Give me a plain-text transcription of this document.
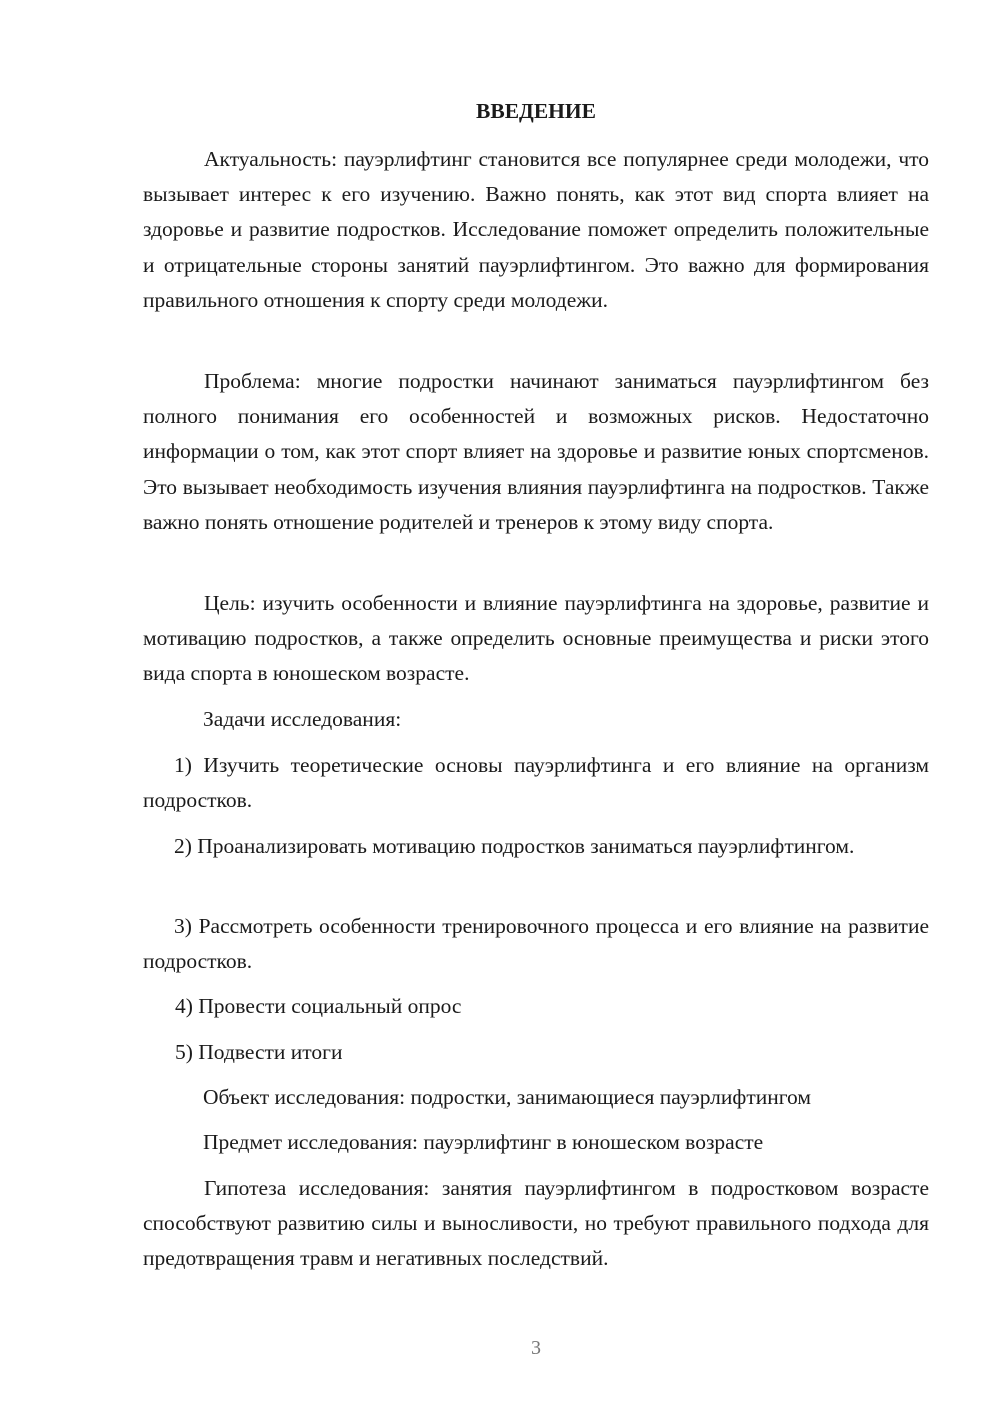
ВВЕДЕНИЕ

Актуальность: пауэрлифтинг становится все популярнее среди молодежи, что вызывает интерес к его изучению. Важно понять, как этот вид спорта влияет на здоровье и развитие подростков. Исследование поможет определить положительные и отрицательные стороны занятий пауэрлифтингом. Это важно для формирования правильного отношения к спорту среди молодежи.

Проблема: многие подростки начинают заниматься пауэрлифтингом без полного понимания его особенностей и возможных рисков. Недостаточно информации о том, как этот спорт влияет на здоровье и развитие юных спортсменов. Это вызывает необходимость изучения влияния пауэрлифтинга на подростков. Также важно понять отношение родителей и тренеров к этому виду спорта.

Цель: изучить особенности и влияние пауэрлифтинга на здоровье, развитие и мотивацию подростков, а также определить основные преимущества и риски этого вида спорта в юношеском возрасте.

Задачи исследования:

1) Изучить теоретические основы пауэрлифтинга и его влияние на организм подростков.

2) Проанализировать мотивацию подростков заниматься пауэрлифтингом.

3) Рассмотреть особенности тренировочного процесса и его влияние на развитие подростков.

4) Провести социальный опрос
5) Подвести итоги
Объект исследования: подростки, занимающиеся пауэрлифтингом
Предмет исследования: пауэрлифтинг в юношеском возрасте

Гипотеза исследования: занятия пауэрлифтингом в подростковом возрасте способствуют развитию силы и выносливости, но требуют правильного подхода для предотвращения травм и негативных последствий.

3
